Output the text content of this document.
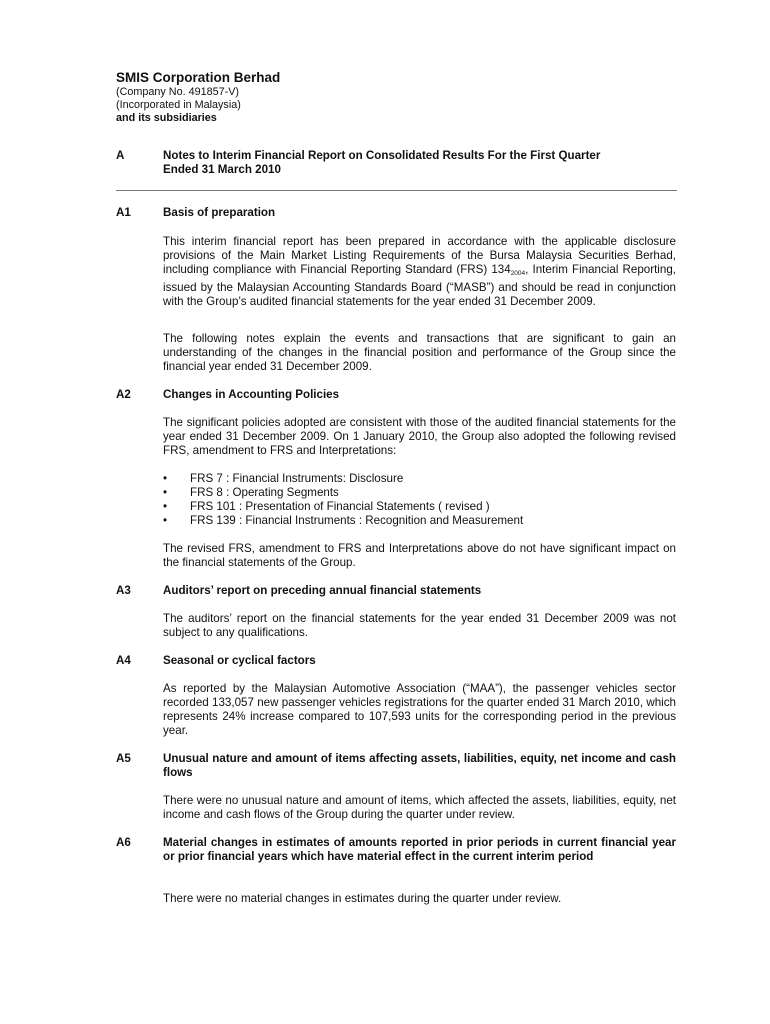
SMIS Corporation Berhad
(Company No. 491857-V)
(Incorporated in Malaysia)
and its subsidiaries
A	Notes to Interim Financial Report on Consolidated Results For the First Quarter Ended 31 March 2010
A1	Basis of preparation
This interim financial report has been prepared in accordance with the applicable disclosure provisions of the Main Market Listing Requirements of the Bursa Malaysia Securities Berhad, including compliance with Financial Reporting Standard (FRS) $134_{2004}$, Interim Financial Reporting, issued by the Malaysian Accounting Standards Board (“MASB”) and should be read in conjunction with the Group’s audited financial statements for the year ended 31 December 2009.
The following notes explain the events and transactions that are significant to gain an understanding of the changes in the financial position and performance of the Group since the financial year ended 31 December 2009.
A2	Changes in Accounting Policies
The significant policies adopted are consistent with those of the audited financial statements for the year ended 31 December 2009. On 1 January 2010, the Group also adopted the following revised FRS, amendment to FRS and Interpretations:
• FRS 7 : Financial Instruments: Disclosure
• FRS 8 : Operating Segments
• FRS 101 : Presentation of Financial Statements ( revised )
• FRS 139 : Financial Instruments : Recognition and Measurement
The revised FRS, amendment to FRS and Interpretations above do not have significant impact on the financial statements of the Group.
A3	Auditors’ report on preceding annual financial statements
The auditors’ report on the financial statements for the year ended 31 December 2009 was not subject to any qualifications.
A4	Seasonal or cyclical factors
As reported by the Malaysian Automotive Association (“MAA”), the passenger vehicles sector recorded 133,057 new passenger vehicles registrations for the quarter ended 31 March 2010, which represents 24% increase compared to 107,593 units for the corresponding period in the previous year.
A5	Unusual nature and amount of items affecting assets, liabilities, equity, net income and cash flows
There were no unusual nature and amount of items, which affected the assets, liabilities, equity, net income and cash flows of the Group during the quarter under review.
A6	Material changes in estimates of amounts reported in prior periods in current financial year or prior financial years which have material effect in the current interim period
There were no material changes in estimates during the quarter under review.
